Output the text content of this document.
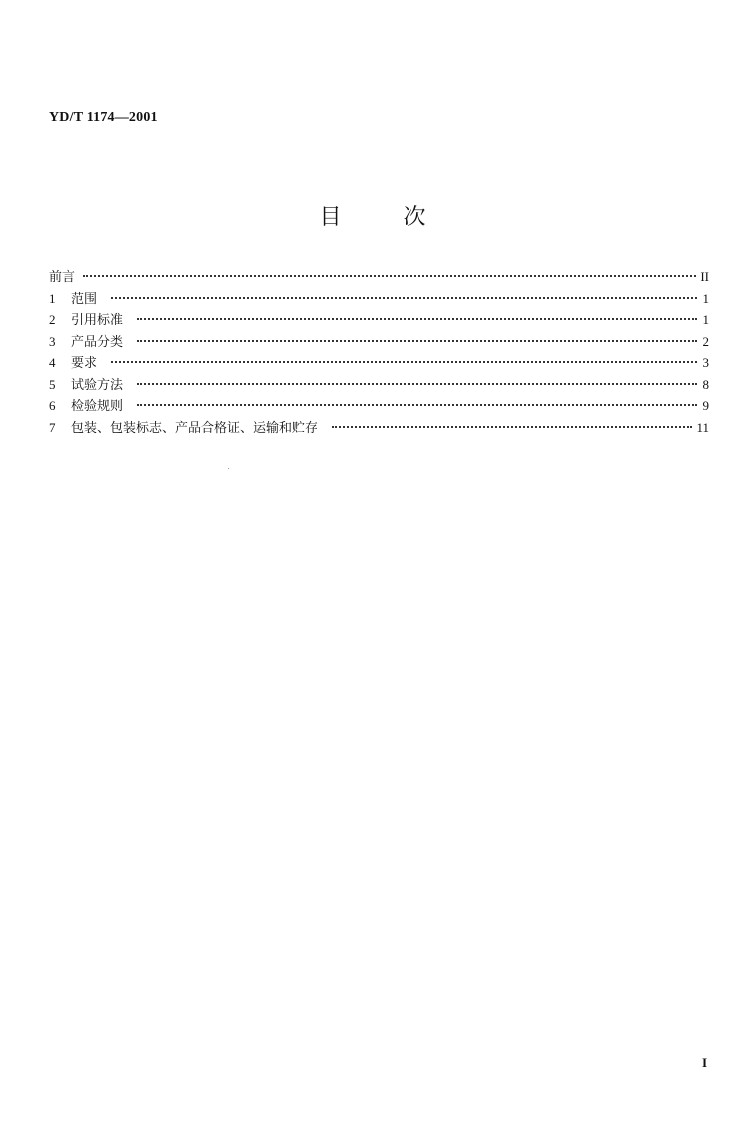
YD/T 1174—2001
目	次
前言	II
1	范围	1
2	引用标准	1
3	产品分类	2
4	要求	3
5	试验方法	8
6	检验规则	9
7	包装、包装标志、产品合格证、运输和贮存	11
I
